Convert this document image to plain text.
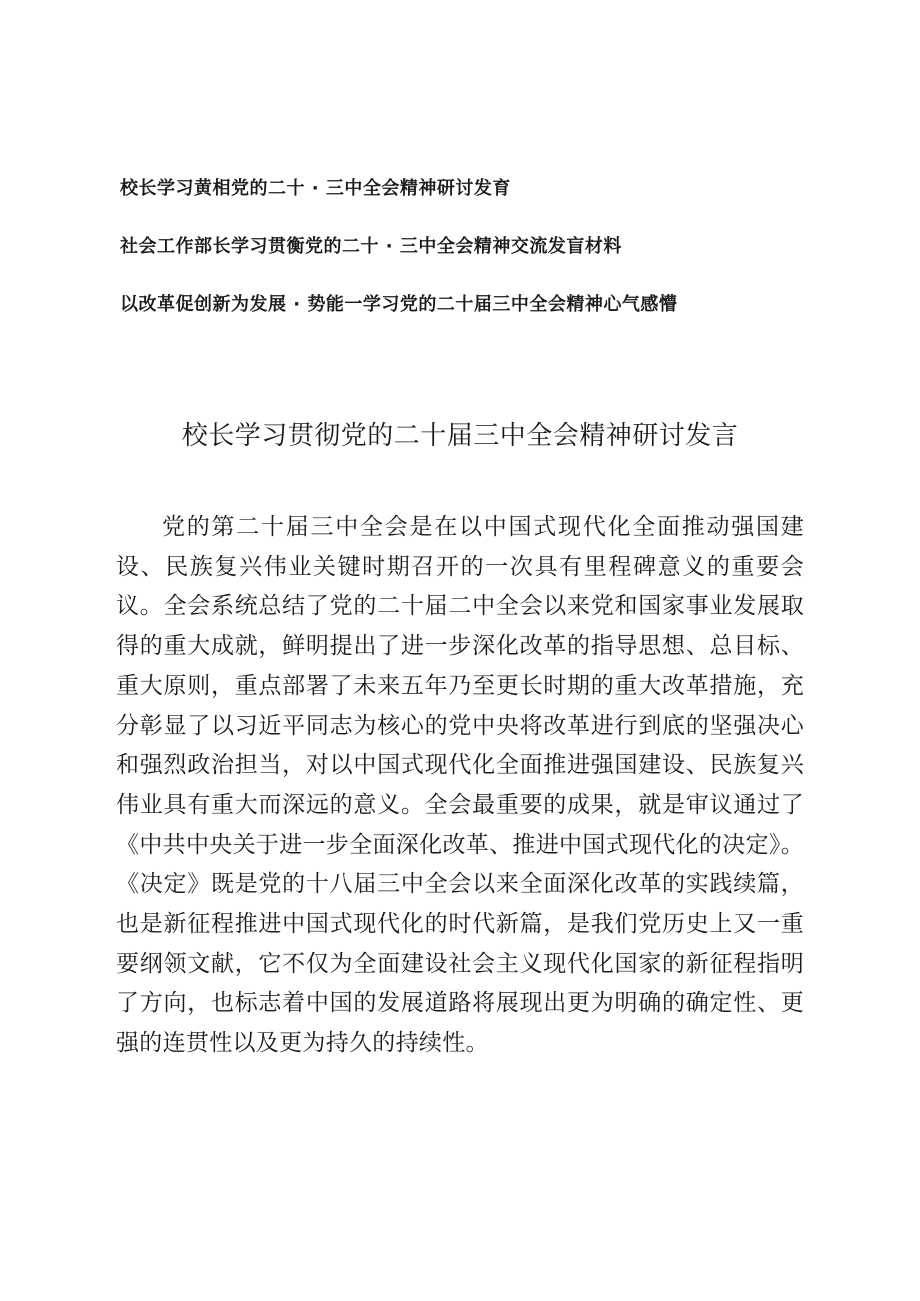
校长学习黄相党的二十 · 三中全会精神研讨发育
社会工作部长学习贯衡党的二十 · 三中全会精神交流发盲材料
以改革促创新为发展 · 势能一学习党的二十届三中全会精神心气感懵
校长学习贯彻党的二十届三中全会精神研讨发言

党的第二十届三中全会是在以中国式现代化全面推动强国建设、民族复兴伟业关键时期召开的一次具有里程碑意义的重要会议。全会系统总结了党的二十届二中全会以来党和国家事业发展取得的重大成就，鲜明提出了进一步深化改革的指导思想、总目标、重大原则，重点部署了未来五年乃至更长时期的重大改革措施，充分彰显了以习近平同志为核心的党中央将改革进行到底的坚强决心和强烈政治担当，对以中国式现代化全面推进强国建设、民族复兴伟业具有重大而深远的意义。全会最重要的成果，就是审议通过了《中共中央关于进一步全面深化改革、推进中国式现代化的决定》。《决定》既是党的十八届三中全会以来全面深化改革的实践续篇，也是新征程推进中国式现代化的时代新篇，是我们党历史上又一重要纲领文献，它不仅为全面建设社会主义现代化国家的新征程指明了方向，也标志着中国的发展道路将展现出更为明确的确定性、更强的连贯性以及更为持久的持续性。
